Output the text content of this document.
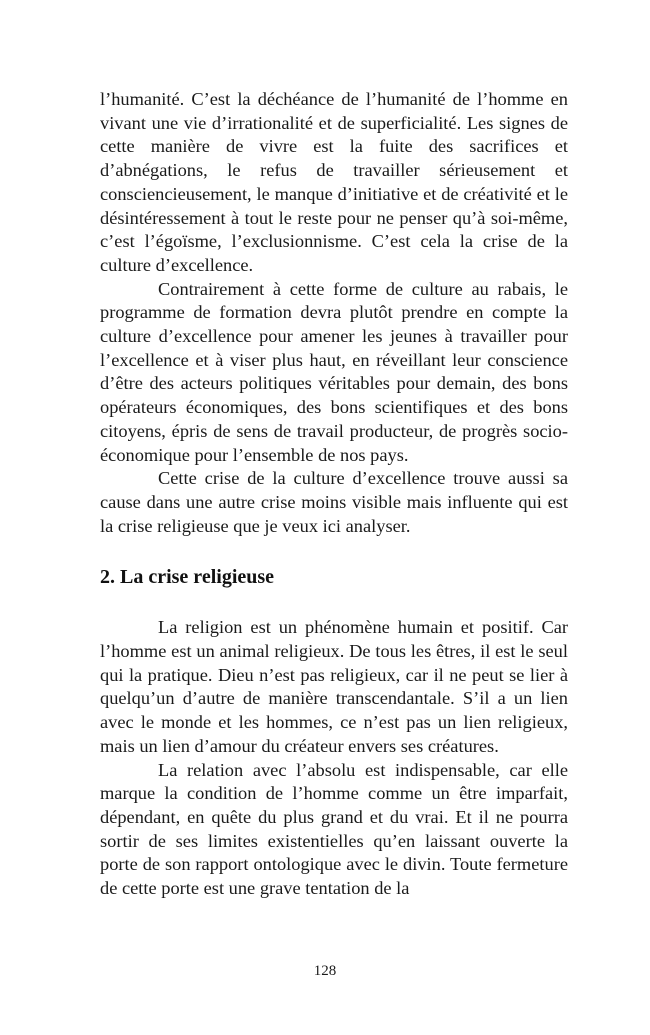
l’humanité. C’est la déchéance de l’humanité de l’homme en vivant une vie d’irrationalité et de superficialité. Les signes de cette manière de vivre est la fuite des sacrifices et d’abnégations, le refus de travailler sérieusement et consciencieusement, le manque d’initiative et de créativité et le désintéressement à tout le reste pour ne penser qu’à soi-même, c’est l’égoïsme, l’exclusionnisme. C’est cela la crise de la culture d’excellence.

Contrairement à cette forme de culture au rabais, le programme de formation devra plutôt prendre en compte la culture d’excellence pour amener les jeunes à travailler pour l’excellence et à viser plus haut, en réveillant leur conscience d’être des acteurs politiques véritables pour demain, des bons opérateurs économiques, des bons scientifiques et des bons citoyens, épris de sens de travail producteur, de progrès socio-économique pour l’ensemble de nos pays.

Cette crise de la culture d’excellence trouve aussi sa cause dans une autre crise moins visible mais influente qui est la crise religieuse que je veux ici analyser.

2. La crise religieuse

La religion est un phénomène humain et positif. Car l’homme est un animal religieux. De tous les êtres, il est le seul qui la pratique. Dieu n’est pas religieux, car il ne peut se lier à quelqu’un d’autre de manière transcendantale. S’il a un lien avec le monde et les hommes, ce n’est pas un lien religieux, mais un lien d’amour du créateur envers ses créatures.

La relation avec l’absolu est indispensable, car elle marque la condition de l’homme comme un être imparfait, dépendant, en quête du plus grand et du vrai. Et il ne pourra sortir de ses limites existentielles qu’en laissant ouverte la porte de son rapport ontologique avec le divin. Toute fermeture de cette porte est une grave tentation de la

128
